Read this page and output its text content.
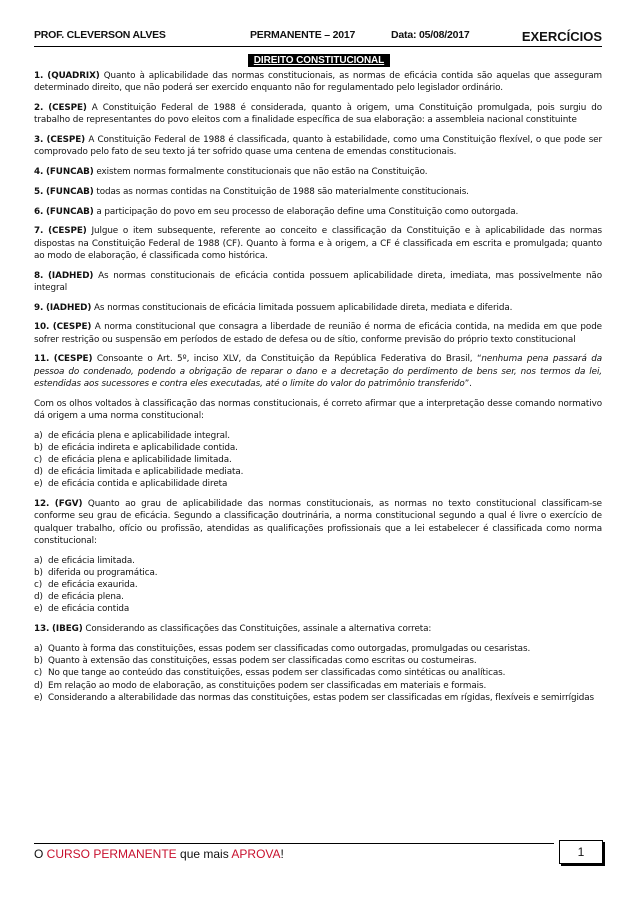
PROF. CLEVERSON ALVES	PERMANENTE – 2017	Data: 05/08/2017	EXERCÍCIOS
DIREITO CONSTITUCIONAL

1. (QUADRIX) Quanto à aplicabilidade das normas constitucionais, as normas de eficácia contida são aquelas que asseguram determinado direito, que não poderá ser exercido enquanto não for regulamentado pelo legislador ordinário.

2. (CESPE) A Constituição Federal de 1988 é considerada, quanto à origem, uma Constituição promulgada, pois surgiu do trabalho de representantes do povo eleitos com a finalidade específica de sua elaboração: a assembleia nacional constituinte

3. (CESPE) A Constituição Federal de 1988 é classificada, quanto à estabilidade, como uma Constituição flexível, o que pode ser comprovado pelo fato de seu texto já ter sofrido quase uma centena de emendas constitucionais.

4. (FUNCAB) existem normas formalmente constitucionais que não estão na Constituição.

5. (FUNCAB) todas as normas contidas na Constituição de 1988 são materialmente constitucionais.

6. (FUNCAB) a participação do povo em seu processo de elaboração define uma Constituição como outorgada.

7. (CESPE) Julgue o item subsequente, referente ao conceito e classificação da Constituição e à aplicabilidade das normas dispostas na Constituição Federal de 1988 (CF). Quanto à forma e à origem, a CF é classificada em escrita e promulgada; quanto ao modo de elaboração, é classificada como histórica.

8. (IADHED) As normas constitucionais de eficácia contida possuem aplicabilidade direta, imediata, mas possivelmente não integral

9. (IADHED) As normas constitucionais de eficácia limitada possuem aplicabilidade direta, mediata e diferida.

10. (CESPE) A norma constitucional que consagra a liberdade de reunião é norma de eficácia contida, na medida em que pode sofrer restrição ou suspensão em períodos de estado de defesa ou de sítio, conforme previsão do próprio texto constitucional

11. (CESPE) Consoante o Art. 5º, inciso XLV, da Constituição da República Federativa do Brasil, “nenhuma pena passará da pessoa do condenado, podendo a obrigação de reparar o dano e a decretação do perdimento de bens ser, nos termos da lei, estendidas aos sucessores e contra eles executadas, até o limite do valor do patrimônio transferido”.

Com os olhos voltados à classificação das normas constitucionais, é correto afirmar que a interpretação desse comando normativo dá origem a uma norma constitucional:

a) de eficácia plena e aplicabilidade integral.
b) de eficácia indireta e aplicabilidade contida.
c) de eficácia plena e aplicabilidade limitada.
d) de eficácia limitada e aplicabilidade mediata.
e) de eficácia contida e aplicabilidade direta

12. (FGV) Quanto ao grau de aplicabilidade das normas constitucionais, as normas no texto constitucional classificam-se conforme seu grau de eficácia. Segundo a classificação doutrinária, a norma constitucional segundo a qual é livre o exercício de qualquer trabalho, ofício ou profissão, atendidas as qualificações profissionais que a lei estabelecer é classificada como norma constitucional:

a) de eficácia limitada.
b) diferida ou programática.
c) de eficácia exaurida.
d) de eficácia plena.
e) de eficácia contida

13. (IBEG) Considerando as classificações das Constituições, assinale a alternativa correta:

a) Quanto à forma das constituições, essas podem ser classificadas como outorgadas, promulgadas ou cesaristas.
b) Quanto à extensão das constituições, essas podem ser classificadas como escritas ou costumeiras.
c) No que tange ao conteúdo das constituições, essas podem ser classificadas como sintéticas ou analíticas.
d) Em relação ao modo de elaboração, as constituições podem ser classificadas em materiais e formais.
e) Considerando a alterabilidade das normas das constituições, estas podem ser classificadas em rígidas, flexíveis e semirrígidas
O CURSO PERMANENTE que mais APROVA!	1
